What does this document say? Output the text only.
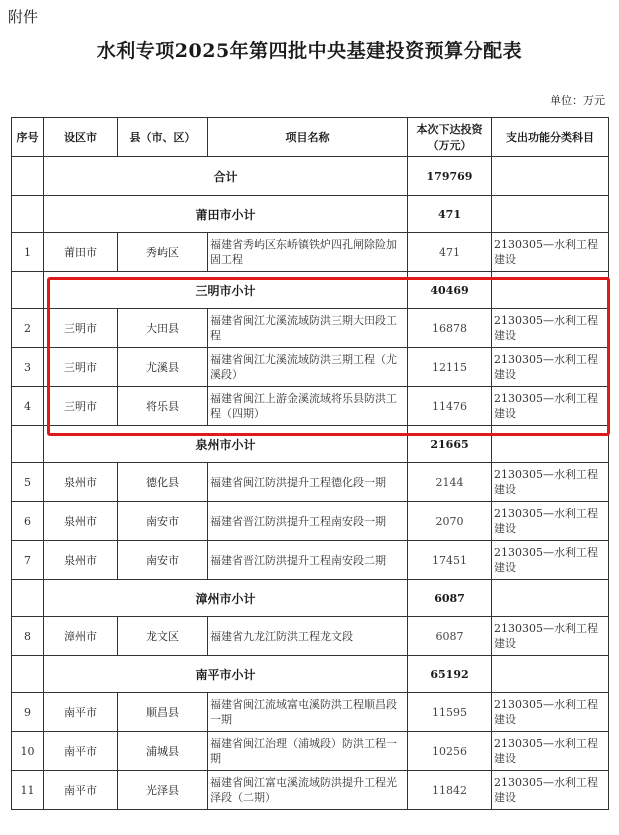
附件
水利专项2025年第四批中央基建投资预算分配表
单位：万元
序号	设区市	县（市、区）	项目名称	本次下达投资（万元）	支出功能分类科目
	合计			179769	
	莆田市小计			471	
1	莆田市	秀屿区	福建省秀屿区东峤镇铁炉四孔闸除险加固工程	471	2130305—水利工程建设
	三明市小计			40469	
2	三明市	大田县	福建省闽江尤溪流域防洪三期大田段工程	16878	2130305—水利工程建设
3	三明市	尤溪县	福建省闽江尤溪流域防洪三期工程（尤溪段）	12115	2130305—水利工程建设
4	三明市	将乐县	福建省闽江上游金溪流域将乐县防洪工程（四期）	11476	2130305—水利工程建设
	泉州市小计			21665	
5	泉州市	德化县	福建省闽江防洪提升工程德化段一期	2144	2130305—水利工程建设
6	泉州市	南安市	福建省晋江防洪提升工程南安段一期	2070	2130305—水利工程建设
7	泉州市	南安市	福建省晋江防洪提升工程南安段二期	17451	2130305—水利工程建设
	漳州市小计			6087	
8	漳州市	龙文区	福建省九龙江防洪工程龙文段	6087	2130305—水利工程建设
	南平市小计			65192	
9	南平市	顺昌县	福建省闽江流域富屯溪防洪工程顺昌段一期	11595	2130305—水利工程建设
10	南平市	浦城县	福建省闽江治理（浦城段）防洪工程一期	10256	2130305—水利工程建设
11	南平市	光泽县	福建省闽江富屯溪流域防洪提升工程光泽段（二期）	11842	2130305—水利工程建设
